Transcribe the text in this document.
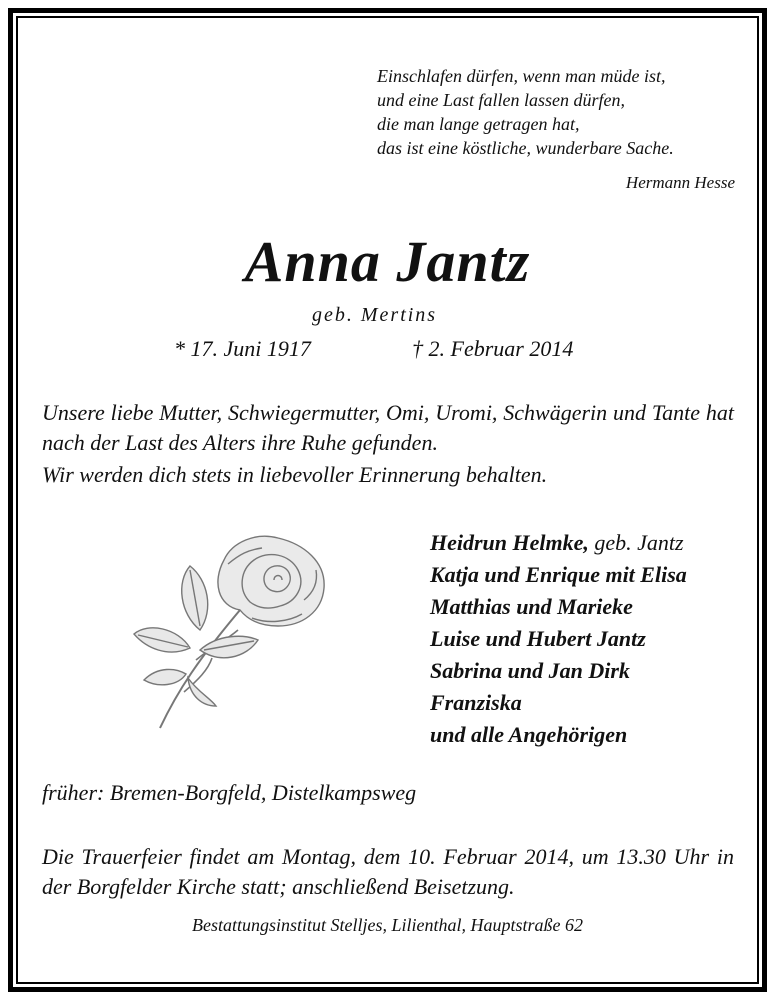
Einschlafen dürfen, wenn man müde ist,
und eine Last fallen lassen dürfen,
die man lange getragen hat,
das ist eine köstliche, wunderbare Sache.
Hermann Hesse
Anna Jantz
geb. Mertins
* 17. Juni 1917	† 2. Februar 2014
Unsere liebe Mutter, Schwiegermutter, Omi, Uromi, Schwägerin und Tante hat nach der Last des Alters ihre Ruhe gefunden.
Wir werden dich stets in liebevoller Erinnerung behalten.
Heidrun Helmke, geb. Jantz
Katja und Enrique mit Elisa
Matthias und Marieke
Luise und Hubert Jantz
Sabrina und Jan Dirk
Franziska
und alle Angehörigen
früher: Bremen-Borgfeld, Distelkampsweg
Die Trauerfeier findet am Montag, dem 10. Februar 2014, um 13.30 Uhr in der Borgfelder Kirche statt; anschließend Beisetzung.
Bestattungsinstitut Stelljes, Lilienthal, Hauptstraße 62
